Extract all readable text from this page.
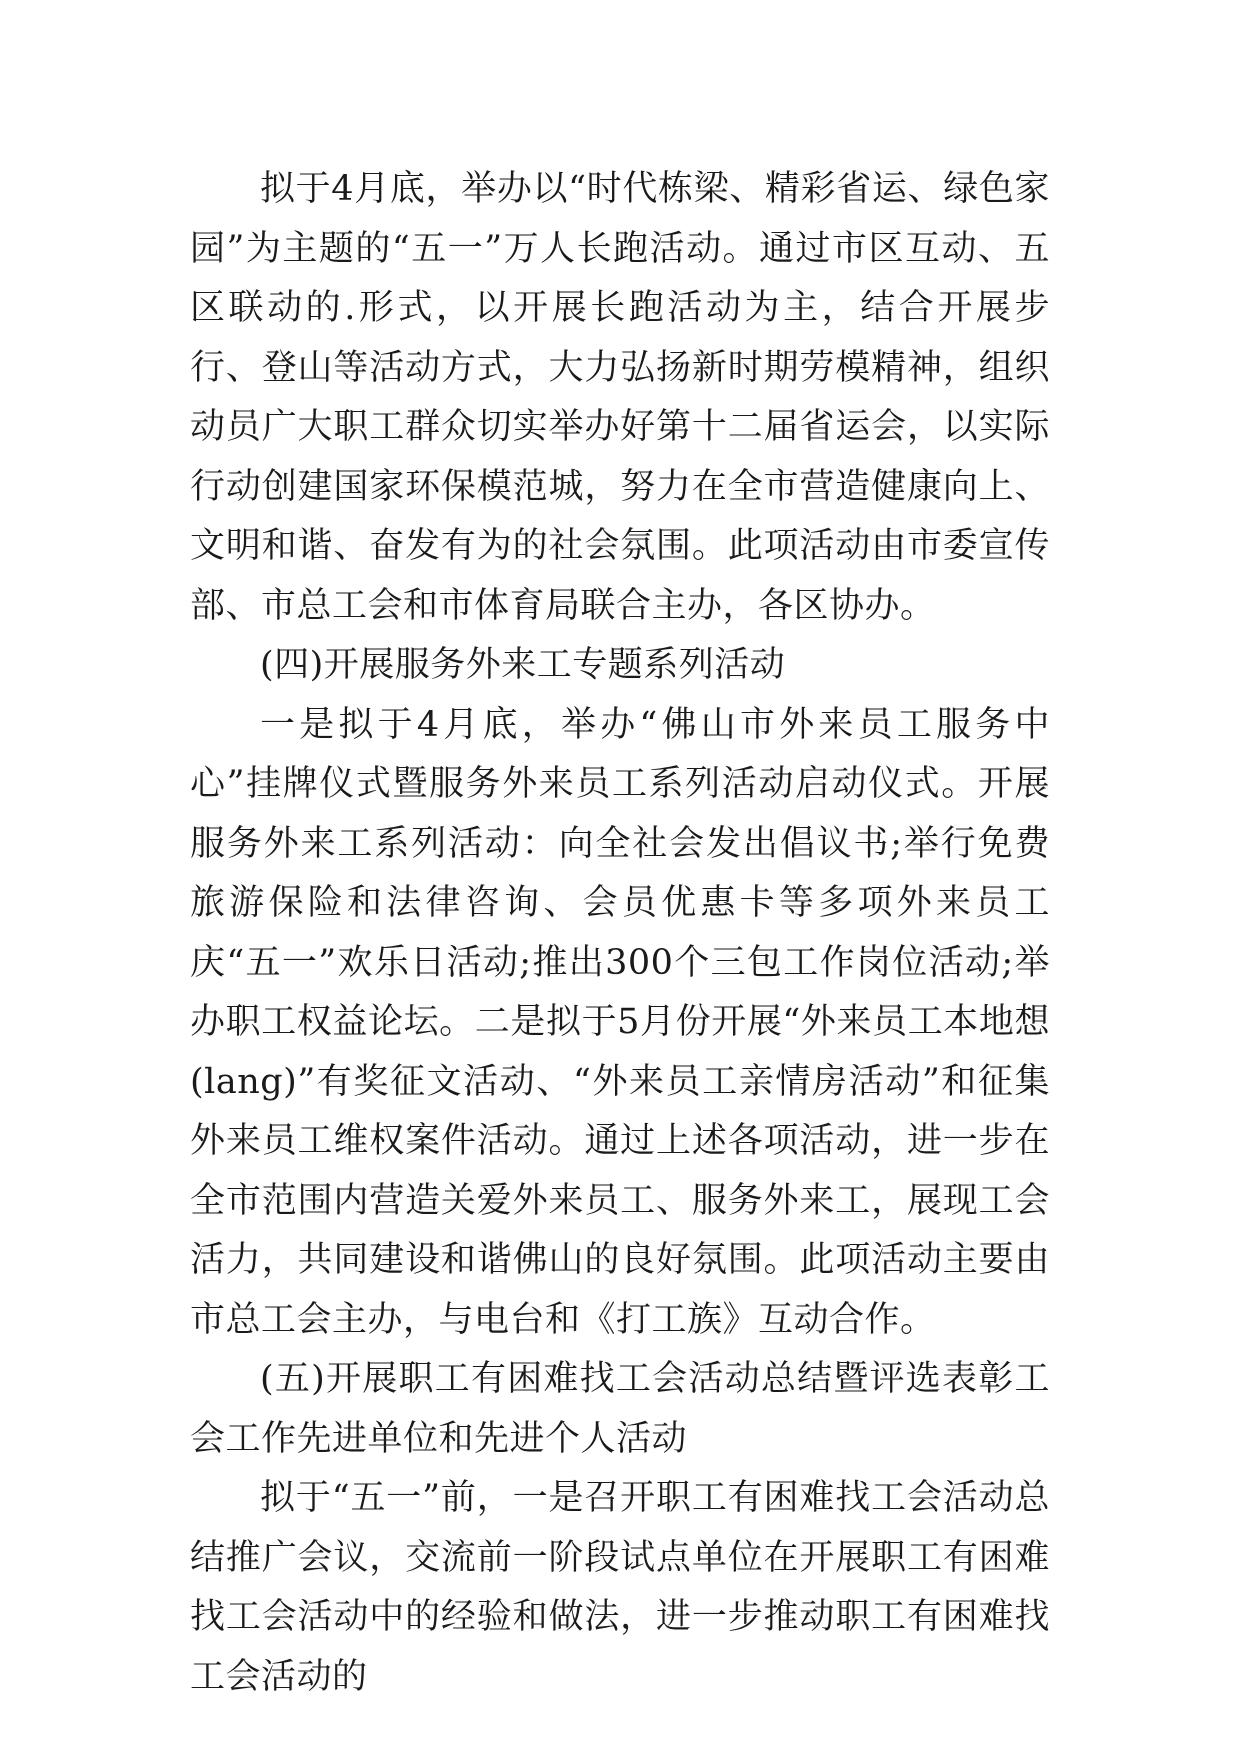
拟于4月底，举办以“时代栋梁、精彩省运、绿色家园”为主题的“五一”万人长跑活动。通过市区互动、五区联动的.形式，以开展长跑活动为主，结合开展步行、登山等活动方式，大力弘扬新时期劳模精神，组织动员广大职工群众切实举办好第十二届省运会，以实际行动创建国家环保模范城，努力在全市营造健康向上、文明和谐、奋发有为的社会氛围。此项活动由市委宣传部、市总工会和市体育局联合主办，各区协办。

(四)开展服务外来工专题系列活动

一是拟于4月底，举办“佛山市外来员工服务中心”挂牌仪式暨服务外来员工系列活动启动仪式。开展服务外来工系列活动：向全社会发出倡议书;举行免费旅游保险和法律咨询、会员优惠卡等多项外来员工庆“五一”欢乐日活动;推出300个三包工作岗位活动;举办职工权益论坛。二是拟于5月份开展“外来员工本地想(lang)”有奖征文活动、“外来员工亲情房活动”和征集外来员工维权案件活动。通过上述各项活动，进一步在全市范围内营造关爱外来员工、服务外来工，展现工会活力，共同建设和谐佛山的良好氛围。此项活动主要由市总工会主办，与电台和《打工族》互动合作。

(五)开展职工有困难找工会活动总结暨评选表彰工会工作先进单位和先进个人活动

拟于“五一”前，一是召开职工有困难找工会活动总结推广会议，交流前一阶段试点单位在开展职工有困难找工会活动中的经验和做法，进一步推动职工有困难找工会活动的
